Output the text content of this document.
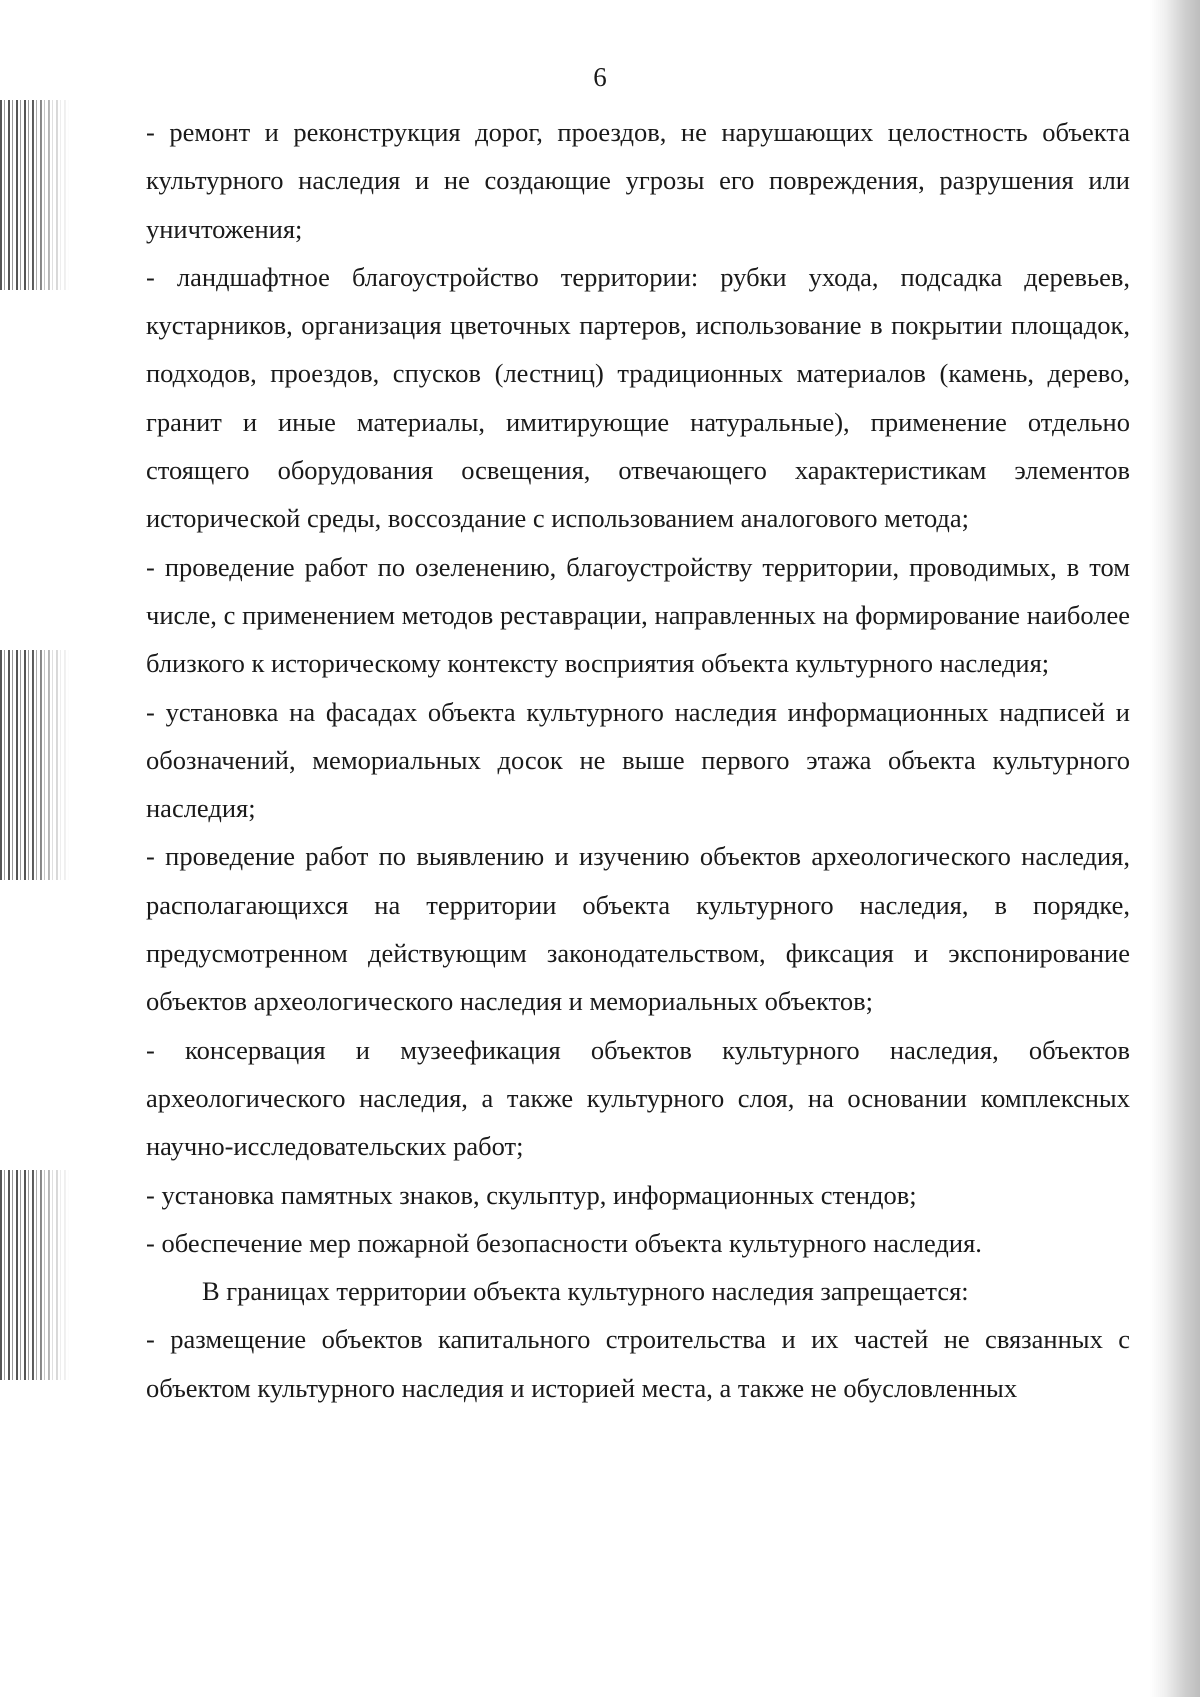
6

- ремонт и реконструкция дорог, проездов, не нарушающих целостность объекта культурного наследия и не создающие угрозы его повреждения, разрушения или уничтожения;

- ландшафтное благоустройство территории: рубки ухода, подсадка деревьев, кустарников, организация цветочных партеров, использование в покрытии площадок, подходов, проездов, спусков (лестниц) традиционных материалов (камень, дерево, гранит и иные материалы, имитирующие натуральные), применение отдельно стоящего оборудования освещения, отвечающего характеристикам элементов исторической среды, воссоздание с использованием аналогового метода;

- проведение работ по озеленению, благоустройству территории, проводимых, в том числе, с применением методов реставрации, направленных на формирование наиболее близкого к историческому контексту восприятия объекта культурного наследия;

- установка на фасадах объекта культурного наследия информационных надписей и обозначений, мемориальных досок не выше первого этажа объекта культурного наследия;

- проведение работ по выявлению и изучению объектов археологического наследия, располагающихся на территории объекта культурного наследия, в порядке, предусмотренном действующим законодательством, фиксация и экспонирование объектов археологического наследия и мемориальных объектов;

- консервация и музеефикация объектов культурного наследия, объектов археологического наследия, а также культурного слоя, на основании комплексных научно-исследовательских работ;

- установка памятных знаков, скульптур, информационных стендов;

- обеспечение мер пожарной безопасности объекта культурного наследия.

В границах территории объекта культурного наследия запрещается:

- размещение объектов капитального строительства и их частей не связанных с объектом культурного наследия и историей места, а также не обусловленных
